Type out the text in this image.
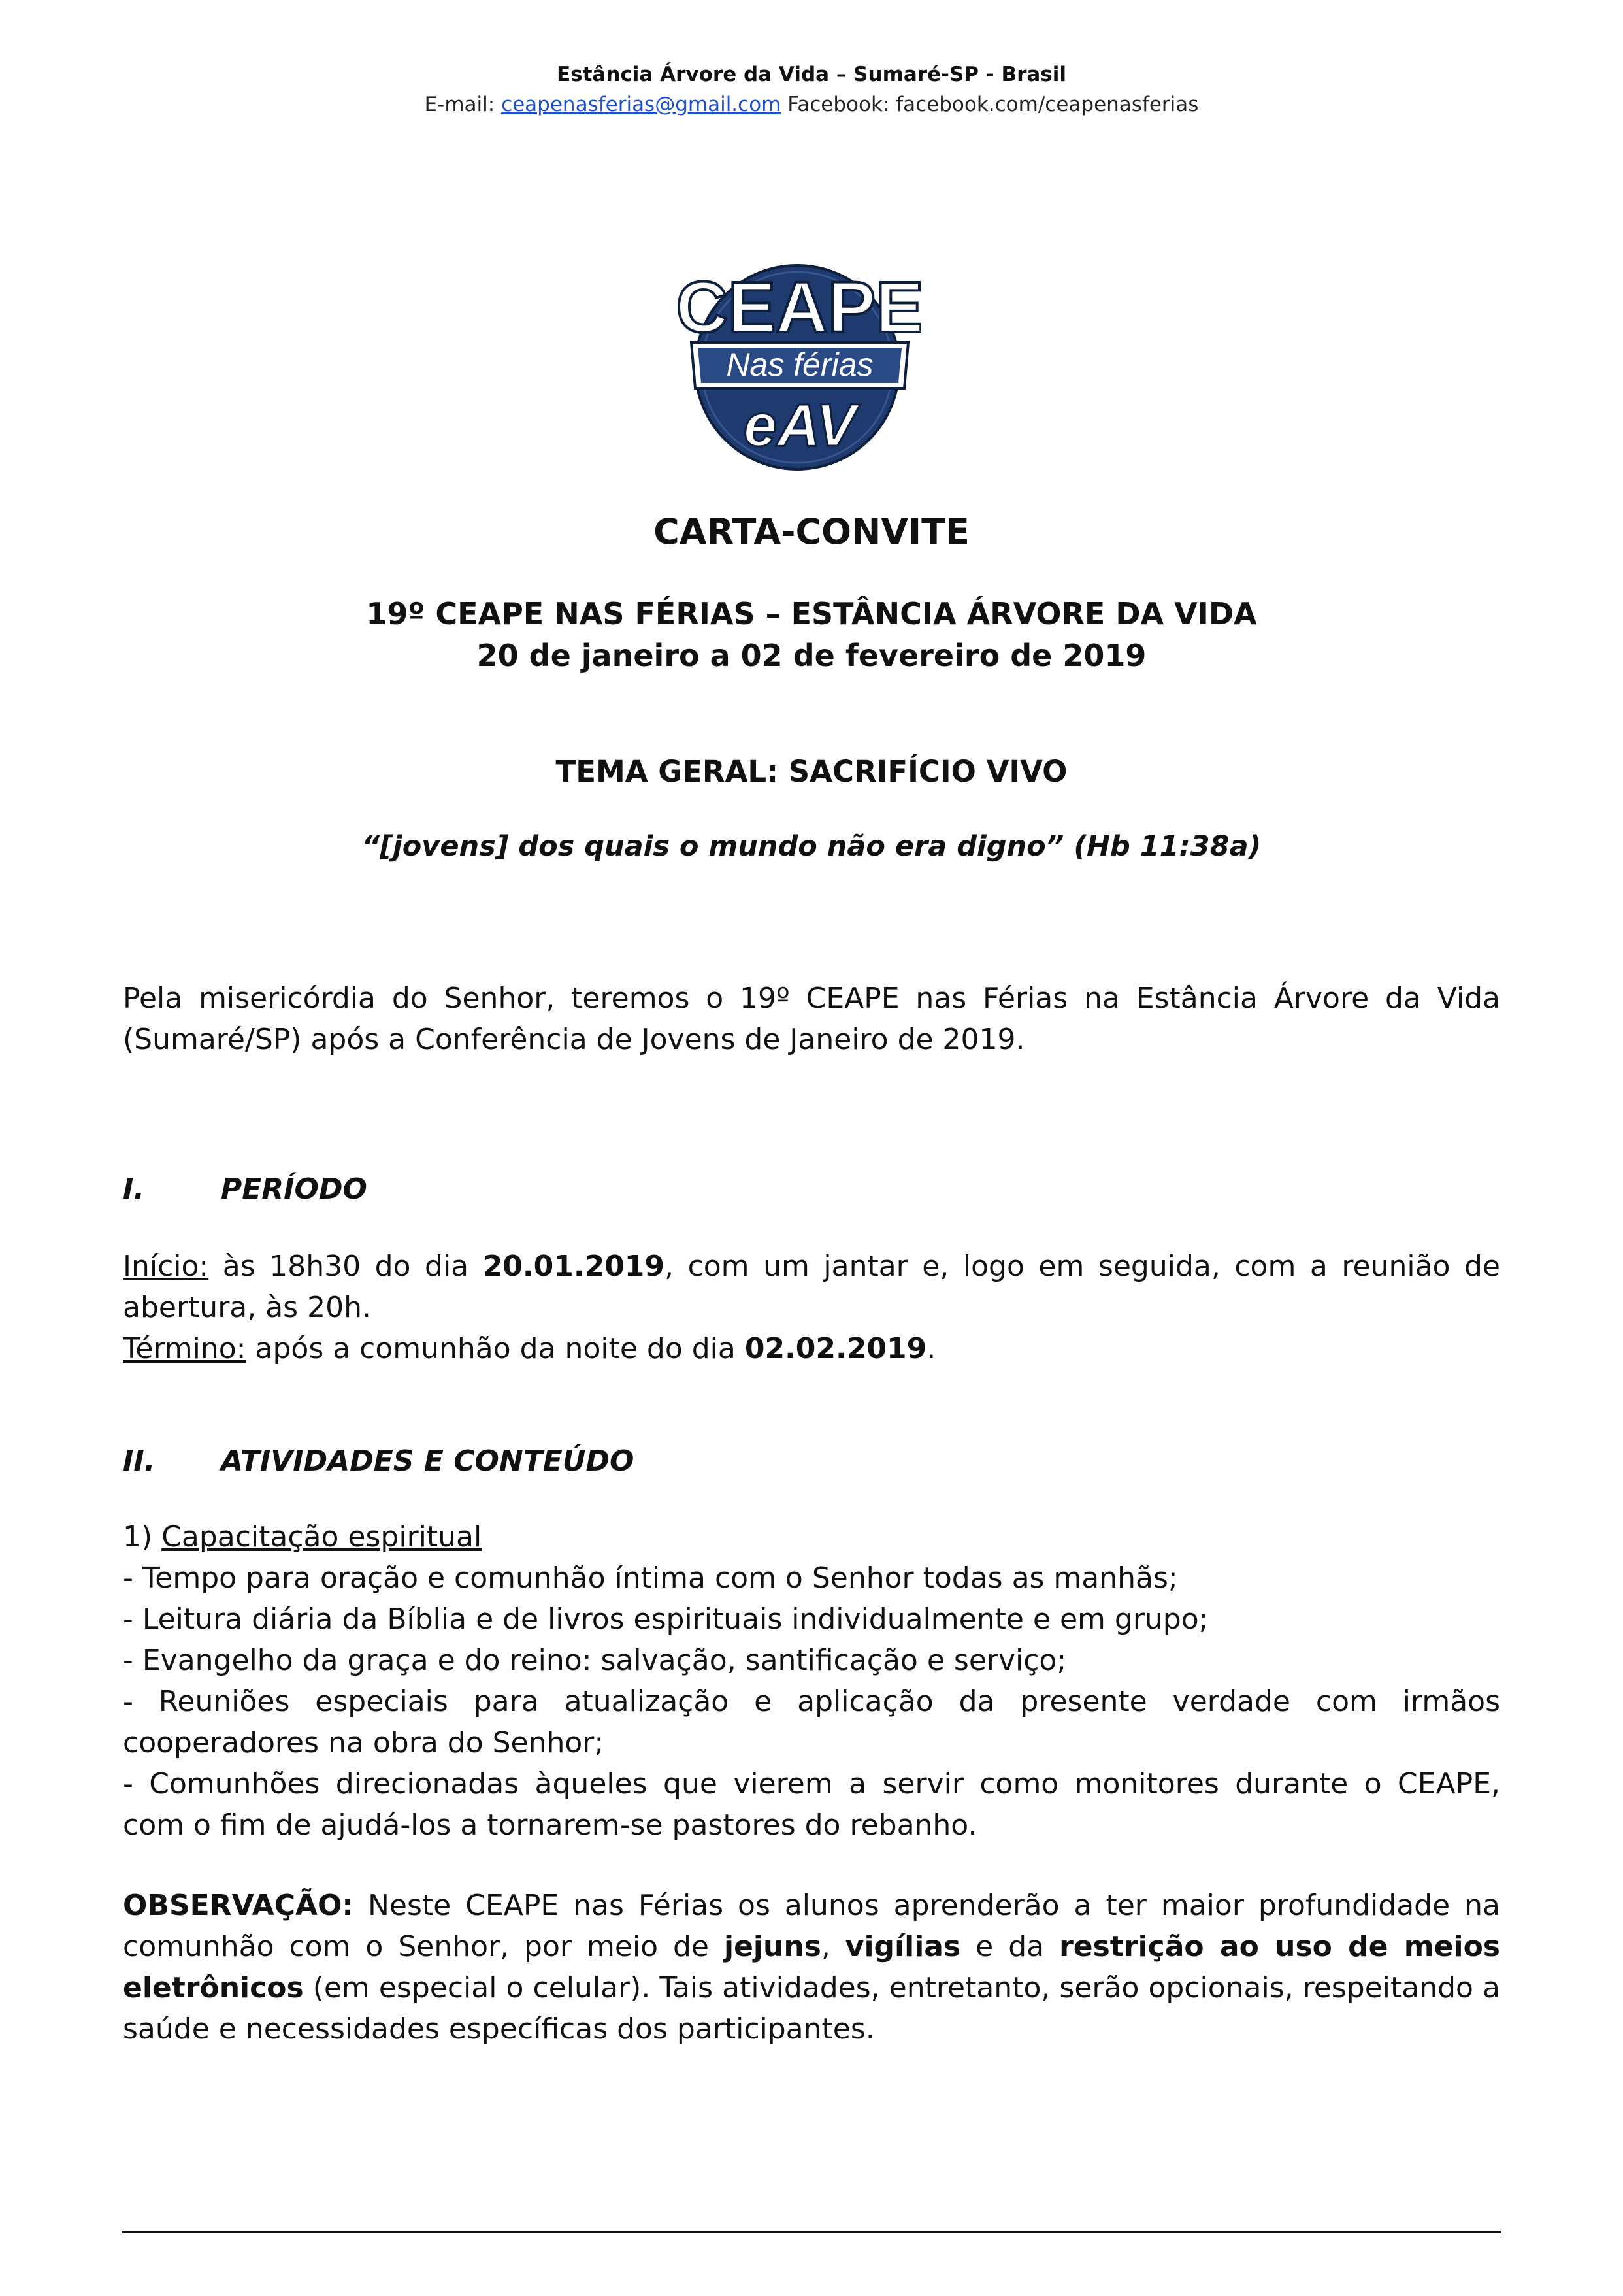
Estância Árvore da Vida – Sumaré-SP - Brasil
E-mail: ceapenasferias@gmail.com Facebook: facebook.com/ceapenasferias
CEAPE
Nas férias
eAV
CARTA-CONVITE
19º CEAPE NAS FÉRIAS – ESTÂNCIA ÁRVORE DA VIDA
20 de janeiro a 02 de fevereiro de 2019
TEMA GERAL: SACRIFÍCIO VIVO
“[jovens] dos quais o mundo não era digno” (Hb 11:38a)
Pela misericórdia do Senhor, teremos o 19º CEAPE nas Férias na Estância Árvore da Vida
(Sumaré/SP) após a Conferência de Jovens de Janeiro de 2019.
I.	PERÍODO
Início: às 18h30 do dia 20.01.2019, com um jantar e, logo em seguida, com a reunião de
abertura, às 20h.
Término: após a comunhão da noite do dia 02.02.2019.
II. ATIVIDADES E CONTEÚDO
1) Capacitação espiritual
- Tempo para oração e comunhão íntima com o Senhor todas as manhãs;
- Leitura diária da Bíblia e de livros espirituais individualmente e em grupo;
- Evangelho da graça e do reino: salvação, santificação e serviço;
- Reuniões especiais para atualização e aplicação da presente verdade com irmãos
cooperadores na obra do Senhor;
- Comunhões direcionadas àqueles que vierem a servir como monitores durante o CEAPE,
com o fim de ajudá-los a tornarem-se pastores do rebanho.
OBSERVAÇÃO: Neste CEAPE nas Férias os alunos aprenderão a ter maior profundidade na
comunhão com o Senhor, por meio de jejuns, vigílias e da restrição ao uso de meios
eletrônicos (em especial o celular). Tais atividades, entretanto, serão opcionais, respeitando a
saúde e necessidades específicas dos participantes.
